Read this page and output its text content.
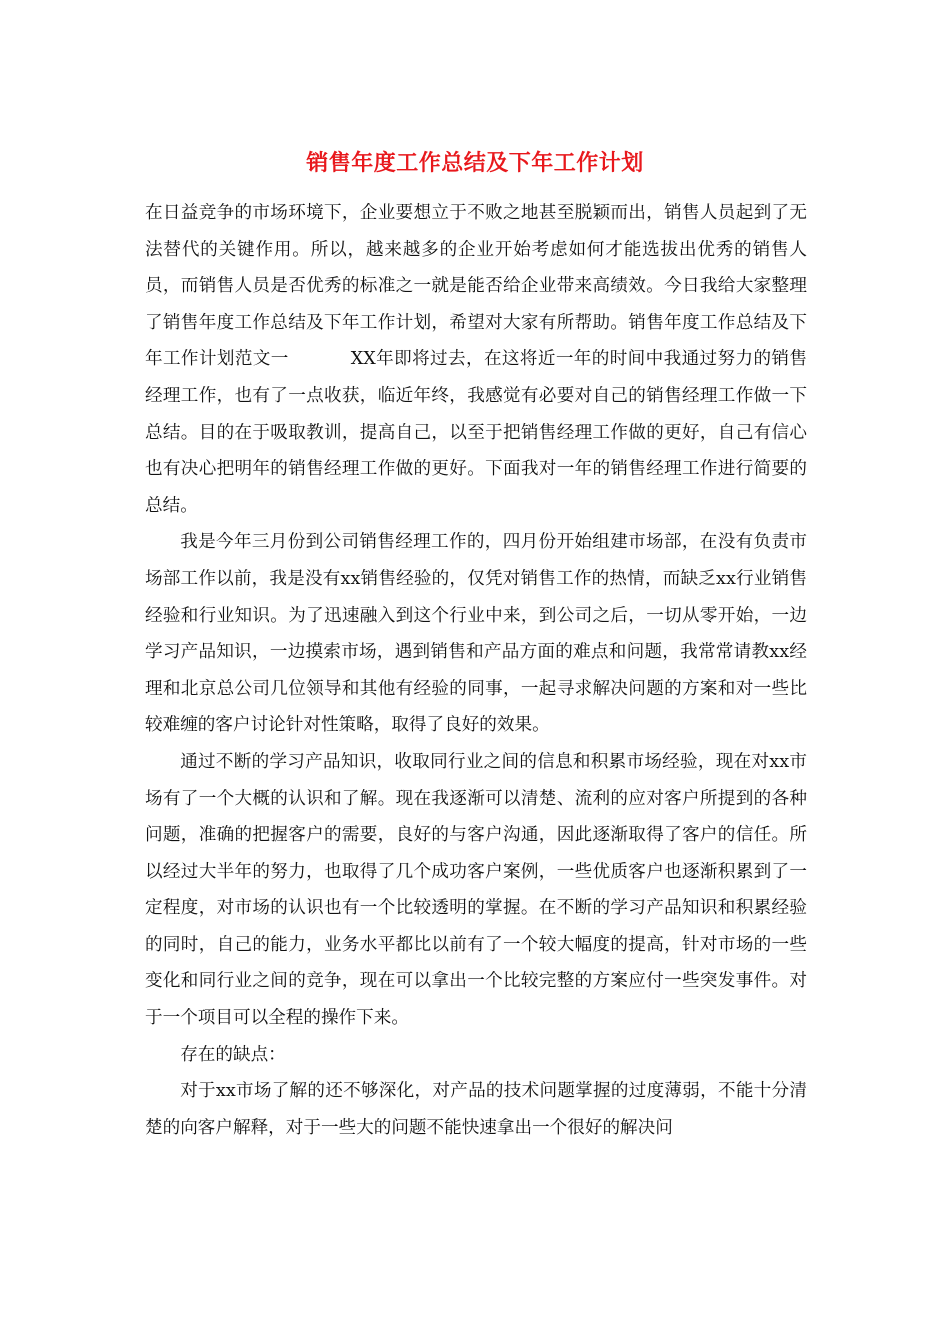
销售年度工作总结及下年工作计划

在日益竞争的市场环境下，企业要想立于不败之地甚至脱颖而出，销售人员起到了无法替代的关键作用。所以，越来越多的企业开始考虑如何才能选拔出优秀的销售人员，而销售人员是否优秀的标准之一就是能否给企业带来高绩效。今日我给大家整理了销售年度工作总结及下年工作计划，希望对大家有所帮助。销售年度工作总结及下年工作计划范文一	XX年即将过去，在这将近一年的时间中我通过努力的销售经理工作，也有了一点收获，临近年终，我感觉有必要对自己的销售经理工作做一下总结。目的在于吸取教训，提高自己，以至于把销售经理工作做的更好，自己有信心也有决心把明年的销售经理工作做的更好。下面我对一年的销售经理工作进行简要的总结。

我是今年三月份到公司销售经理工作的，四月份开始组建市场部，在没有负责市场部工作以前，我是没有xx销售经验的，仅凭对销售工作的热情，而缺乏xx行业销售经验和行业知识。为了迅速融入到这个行业中来，到公司之后，一切从零开始，一边学习产品知识，一边摸索市场，遇到销售和产品方面的难点和问题，我常常请教xx经理和北京总公司几位领导和其他有经验的同事，一起寻求解决问题的方案和对一些比较难缠的客户讨论针对性策略，取得了良好的效果。

通过不断的学习产品知识，收取同行业之间的信息和积累市场经验，现在对xx市场有了一个大概的认识和了解。现在我逐渐可以清楚、流利的应对客户所提到的各种问题，准确的把握客户的需要，良好的与客户沟通，因此逐渐取得了客户的信任。所以经过大半年的努力，也取得了几个成功客户案例，一些优质客户也逐渐积累到了一定程度，对市场的认识也有一个比较透明的掌握。在不断的学习产品知识和积累经验的同时，自己的能力，业务水平都比以前有了一个较大幅度的提高，针对市场的一些变化和同行业之间的竞争，现在可以拿出一个比较完整的方案应付一些突发事件。对于一个项目可以全程的操作下来。

存在的缺点：

对于xx市场了解的还不够深化，对产品的技术问题掌握的过度薄弱，不能十分清楚的向客户解释，对于一些大的问题不能快速拿出一个很好的解决问
